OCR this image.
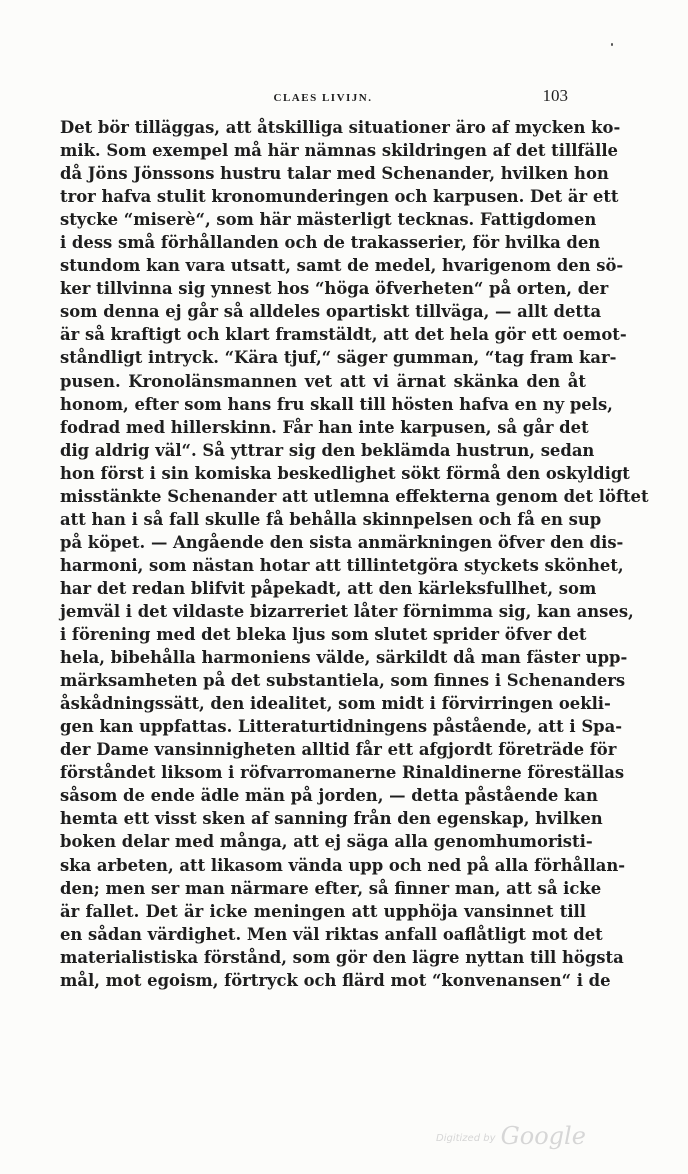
CLAES LIVIJN.	103
Det bör tilläggas, att åtskilliga situationer äro af mycken ko-
mik. Som exempel må här nämnas skildringen af det tillfälle
då Jöns Jönssons hustru talar med Schenander, hvilken hon
tror hafva stulit kronomunderingen och karpusen. Det är ett
stycke “miserè“, som här mästerligt tecknas. Fattigdomen
i dess små förhållanden och de trakasserier, för hvilka den
stundom kan vara utsatt, samt de medel, hvarigenom den sö-
ker tillvinna sig ynnest hos “höga öfverheten“ på orten, der
som denna ej går så alldeles opartiskt tillväga, — allt detta
är så kraftigt och klart framstäldt, att det hela gör ett oemot-
ståndligt intryck. “Kära tjuf,“ säger gumman, “tag fram kar-
pusen. Kronolänsmannen vet att vi ärnat skänka den åt
honom, efter som hans fru skall till hösten hafva en ny pels,
fodrad med hillerskinn. Får han inte karpusen, så går det
dig aldrig väl“. Så yttrar sig den beklämda hustrun, sedan
hon först i sin komiska beskedlighet sökt förmå den oskyldigt
misstänkte Schenander att utlemna effekterna genom det löftet
att han i så fall skulle få behålla skinnpelsen och få en sup
på köpet. — Angående den sista anmärkningen öfver den dis-
harmoni, som nästan hotar att tillintetgöra styckets skönhet,
har det redan blifvit påpekadt, att den kärleksfullhet, som
jemväl i det vildaste bizarreriet låter förnimma sig, kan anses,
i förening med det bleka ljus som slutet sprider öfver det
hela, bibehålla harmoniens välde, särkildt då man fäster upp-
märksamheten på det substantiela, som finnes i Schenanders
åskådningssätt, den idealitet, som midt i förvirringen oekli-
gen kan uppfattas. Litteraturtidningens påstående, att i Spa-
der Dame vansinnigheten alltid får ett afgjordt företräde för
förståndet liksom i röfvarromanerne Rinaldinerne föreställas
såsom de ende ädle män på jorden, — detta påstående kan
hemta ett visst sken af sanning från den egenskap, hvilken
boken delar med många, att ej säga alla genomhumoristi-
ska arbeten, att likasom vända upp och ned på alla förhållan-
den; men ser man närmare efter, så finner man, att så icke
är fallet. Det är icke meningen att upphöja vansinnet till
en sådan värdighet. Men väl riktas anfall oaflåtligt mot det
materialistiska förstånd, som gör den lägre nyttan till högsta
mål, mot egoism, förtryck och flärd mot “konvenansen“ i de
Digitized by Google
